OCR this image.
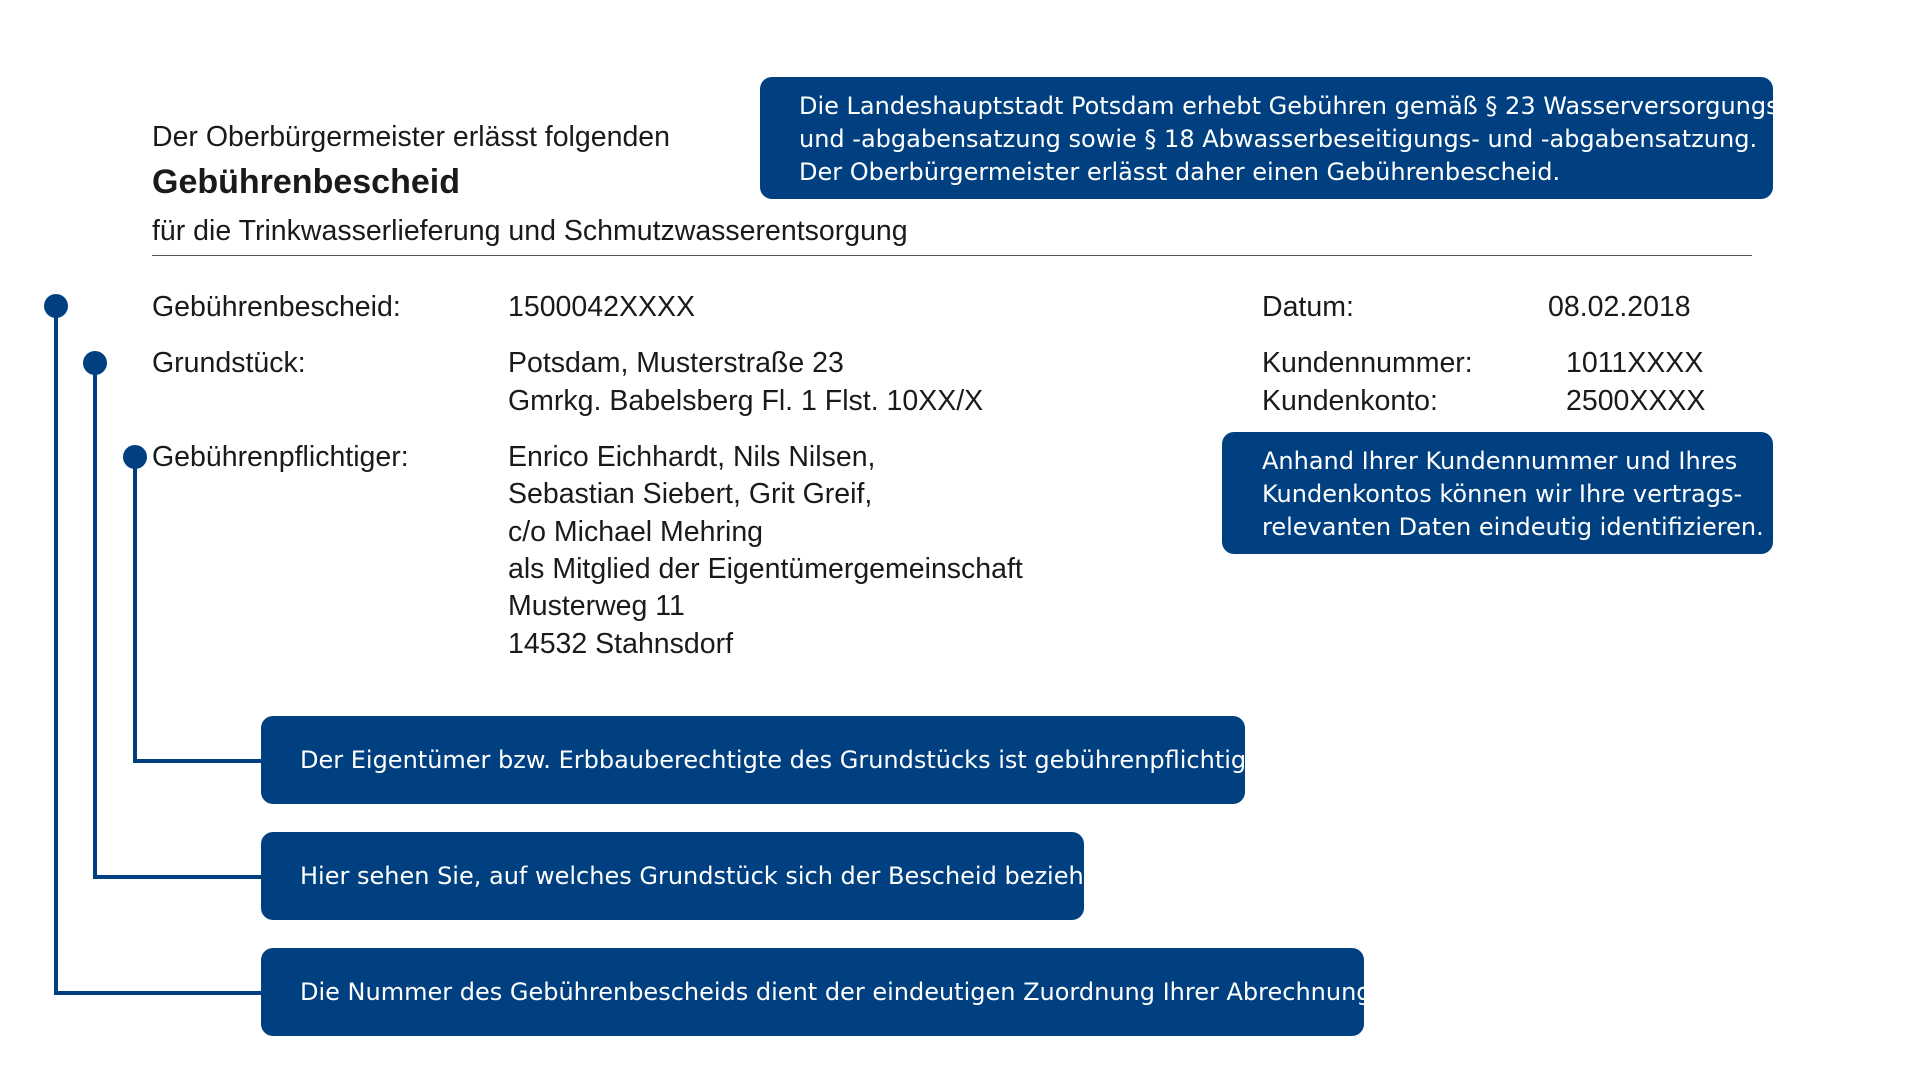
Der Oberbürgermeister erlässt folgenden
Gebührenbescheid
für die Trinkwasserlieferung und Schmutzwasserentsorgung
Die Landeshauptstadt Potsdam erhebt Gebühren gemäß § 23 Wasserversorgungs-
und -abgabensatzung sowie § 18 Abwasserbeseitigungs- und -abgabensatzung.
Der Oberbürgermeister erlässt daher einen Gebührenbescheid.
Gebührenbescheid:	1500042XXXX
Grundstück:	Potsdam, Musterstraße 23
Gmrkg. Babelsberg Fl. 1 Flst. 10XX/X
Gebührenpflichtiger:	Enrico Eichhardt, Nils Nilsen,
Sebastian Siebert, Grit Greif,
c/o Michael Mehring
als Mitglied der Eigentümergemeinschaft
Musterweg 11
14532 Stahnsdorf
Datum:	08.02.2018
Kundennummer:	1011XXXX
Kundenkonto:	2500XXXX
Anhand Ihrer Kundennummer und Ihres
Kundenkontos können wir Ihre vertrags-
relevanten Daten eindeutig identifizieren.
Der Eigentümer bzw. Erbbauberechtigte des Grundstücks ist gebührenpflichtig.
Hier sehen Sie, auf welches Grundstück sich der Bescheid bezieht.
Die Nummer des Gebührenbescheids dient der eindeutigen Zuordnung Ihrer Abrechnung.
